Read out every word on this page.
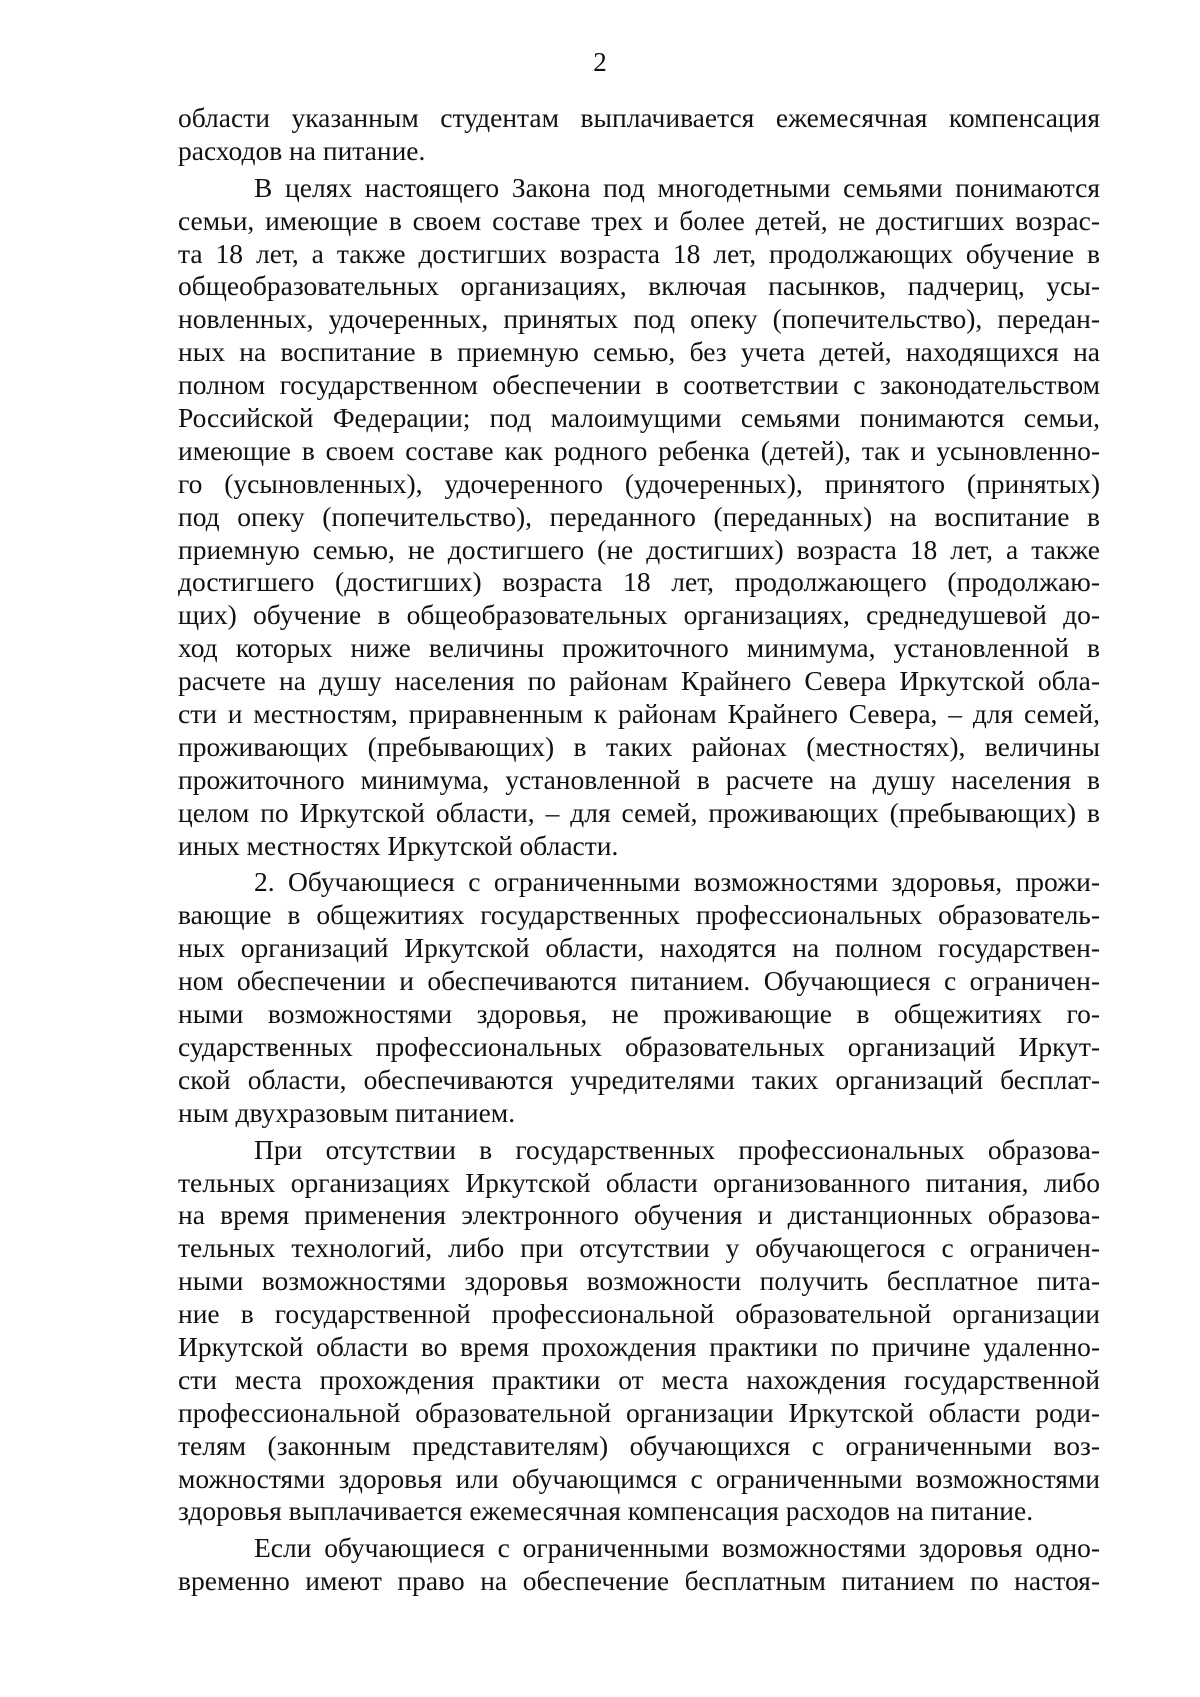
2
области указанным студентам выплачивается ежемесячная компенсация
расходов на питание.
В целях настоящего Закона под многодетными семьями понимаются
семьи, имеющие в своем составе трех и более детей, не достигших возрас-
та 18 лет, а также достигших возраста 18 лет, продолжающих обучение в
общеобразовательных организациях, включая пасынков, падчериц, усы-
новленных, удочеренных, принятых под опеку (попечительство), передан-
ных на воспитание в приемную семью, без учета детей, находящихся на
полном государственном обеспечении в соответствии с законодательством
Российской Федерации; под малоимущими семьями понимаются семьи,
имеющие в своем составе как родного ребенка (детей), так и усыновленно-
го (усыновленных), удочеренного (удочеренных), принятого (принятых)
под опеку (попечительство), переданного (переданных) на воспитание в
приемную семью, не достигшего (не достигших) возраста 18 лет, а также
достигшего (достигших) возраста 18 лет, продолжающего (продолжаю-
щих) обучение в общеобразовательных организациях, среднедушевой до-
ход которых ниже величины прожиточного минимума, установленной в
расчете на душу населения по районам Крайнего Севера Иркутской обла-
сти и местностям, приравненным к районам Крайнего Севера, – для семей,
проживающих (пребывающих) в таких районах (местностях), величины
прожиточного минимума, установленной в расчете на душу населения в
целом по Иркутской области, – для семей, проживающих (пребывающих) в
иных местностях Иркутской области.
2. Обучающиеся с ограниченными возможностями здоровья, прожи-
вающие в общежитиях государственных профессиональных образователь-
ных организаций Иркутской области, находятся на полном государствен-
ном обеспечении и обеспечиваются питанием. Обучающиеся с ограничен-
ными возможностями здоровья, не проживающие в общежитиях го-
сударственных профессиональных образовательных организаций Иркут-
ской области, обеспечиваются учредителями таких организаций бесплат-
ным двухразовым питанием.
При отсутствии в государственных профессиональных образова-
тельных организациях Иркутской области организованного питания, либо
на время применения электронного обучения и дистанционных образова-
тельных технологий, либо при отсутствии у обучающегося с ограничен-
ными возможностями здоровья возможности получить бесплатное пита-
ние в государственной профессиональной образовательной организации
Иркутской области во время прохождения практики по причине удаленно-
сти места прохождения практики от места нахождения государственной
профессиональной образовательной организации Иркутской области роди-
телям (законным представителям) обучающихся с ограниченными воз-
можностями здоровья или обучающимся с ограниченными возможностями
здоровья выплачивается ежемесячная компенсация расходов на питание.
Если обучающиеся с ограниченными возможностями здоровья одно-
временно имеют право на обеспечение бесплатным питанием по настоя-
